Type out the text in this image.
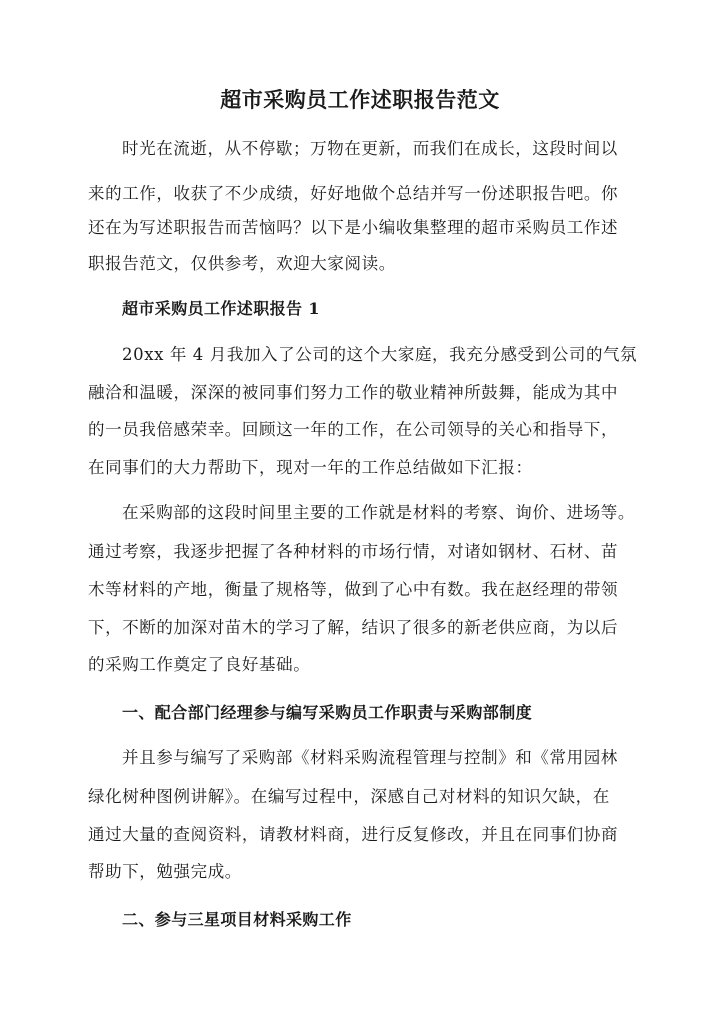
超市采购员工作述职报告范文
时光在流逝，从不停歇；万物在更新，而我们在成长，这段时间以
来的工作，收获了不少成绩，好好地做个总结并写一份述职报告吧。你
还在为写述职报告而苦恼吗？以下是小编收集整理的超市采购员工作述
职报告范文，仅供参考，欢迎大家阅读。
超市采购员工作述职报告 1
20xx 年 4 月我加入了公司的这个大家庭，我充分感受到公司的气氛
融洽和温暖，深深的被同事们努力工作的敬业精神所鼓舞，能成为其中
的一员我倍感荣幸。回顾这一年的工作，在公司领导的关心和指导下，
在同事们的大力帮助下，现对一年的工作总结做如下汇报：
在采购部的这段时间里主要的工作就是材料的考察、询价、进场等。
通过考察，我逐步把握了各种材料的市场行情，对诸如钢材、石材、苗
木等材料的产地，衡量了规格等，做到了心中有数。我在赵经理的带领
下，不断的加深对苗木的学习了解，结识了很多的新老供应商，为以后
的采购工作奠定了良好基础。
一、配合部门经理参与编写采购员工作职责与采购部制度
并且参与编写了采购部《材料采购流程管理与控制》和《常用园林
绿化树种图例讲解》。在编写过程中，深感自己对材料的知识欠缺，在
通过大量的查阅资料，请教材料商，进行反复修改，并且在同事们协商
帮助下，勉强完成。
二、参与三星项目材料采购工作
